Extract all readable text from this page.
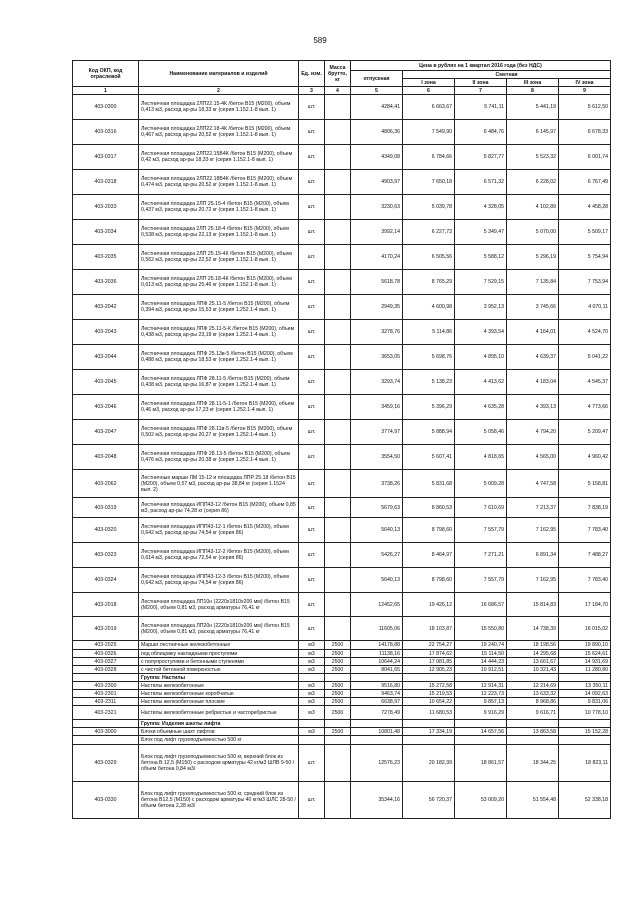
589
Код ОКП, код отраслевой	Наименование материалов и изделий	Ед. изм.	Масса брутто, кг	Цена в рублях на 1 квартал 2016 года (без НДС)				
				отпускная	Сметная			
					I зона	II зона	III зона	IV зона
1	2	3	4	5	6	7	8	9
403-0300	Лестничная площадка 2ЛП22.15-4К /бетон В15 (М200), объем 0,413 м3, расход ар-ры 18,33 кг (серия 1.152.1-8 вып. 1)	шт.		4284,41	6 663,67	5 741,11	5 441,19	5 612,50
403-0316	Лестничная площадка 2ЛП22.18-4К /бетон В15 (М200), объем 0,467 м3, расход ар-ры 20,52 кг (серия 1.152.1-8 вып. 1)	шт.		4806,36	7 549,90	6 484,76	6 145,97	6 678,33
403-0317	Лестничная площадка 2ЛП22.15В4К /бетон В15 (М200), объем 0,42 м3, расход ар-ры 18,33 кг (серия 1.152.1-8 вып. 1)	шт.		4349,08	6 784,66	5 827,77	5 523,32	6 001,74
403-0318	Лестничная площадка 2ЛП22.18В4К /бетон В15 (М200), объем 0,474 м3, расход ар-ры 20,52 кг (серия 1.152.1-8 вып. 1)	шт.		4903,97	7 650,18	6 571,32	6 228,02	6 767,49
403-2033	Лестничная площадка 2ЛП 25.15-4 /бетон В15 (М200), объем 0,437 м3, расход ар-ры 20,72 кг (серия 1.152.1-8 вып. 1)	шт.		3230,63	5 039,78	4 328,05	4 102,89	4 458,28
403-2034	Лестничная площадка 2ЛП 25.18-4 /бетон В15 (М200), объем 0,538 м3, расход ар-ры 22,13 кг (серия 1.152.1-8 вып. 1)	шт.		3992,14	6 227,73	5 349,47	5 070,00	5 509,17
403-2035	Лестничная площадка 2ЛП 25.15-4К /бетон В15 (М200), объем 0,562 м3, расход ар-ры 22,52 кг (серия 1.152.1-8 вып. 1)	шт.		4170,24	6 505,56	5 588,12	5 296,19	5 754,94
403-2036	Лестничная площадка 2ЛП 25.18-4К /бетон В15 (М200), объем 0,613 м3, расход ар-ры 25,46 кг (серия 1.152.1-8 вып. 1)	шт.		5618,78	8 765,29	7 529,15	7 135,84	7 753,94
403-2042	Лестничная площадка ЛПФ 25.11-5 /бетон В15 (М200), объем 0,394 м3, расход ар-ры 15,53 кг (серия 1.252.1-4 вып. 1)	шт.		2949,35	4 600,98	3 952,13	3 745,66	4 070,11
403-2043	Лестничная площадка ЛПФ 25.11-5-К /бетон В15 (М200), объем 0,438 м3, расход ар-ры 23,19 кг (серия 1.252.1-4 вып. 1)	шт.		3278,76	5 114,86	4 393,54	4 164,01	4 524,70
403-2044	Лестничная площадка ЛПФ 25.13в-5 /бетон В15 (М200), объем 0,488 м3, расход ар-ры 18,53 кг (серия 1.252.1-4 вып. 1)	шт.		3653,05	5 698,76	4 895,10	4 639,37	5 041,22
403-2045	Лестничная площадка ЛПФ 28.11-5 /бетон В15 (М200), объем 0,438 м3, расход ар-ры 16,87 кг (серия 1.252.1-4 вып. 1)	шт.		3293,74	5 138,23	4 413,62	4 183,04	4 545,37
403-2046	Лестничная площадка ЛПФ 28.11-5-1 /бетон В15 (М200), объем 0,46 м3, расход ар-ры 17,23 кг (серия 1.252.1-4 вып. 1)	шт.		3459,16	5 396,29	4 635,28	4 393,13	4 773,66
403-2047	Лестничная площадка ЛПФ 28.11в-5 /бетон В15 (М200), объем 0,502 м3, расход ар-ры 20,27 кг (серия 1.252.1-4 вып. 1)	шт.		3774,97	5 888,94	5 058,46	4 794,20	5 209,47
403-2048	Лестничная площадка ЛПФ 28.13-5 /бетон В15 (М200), объем 0,476 м3, расход ар-ры 20,38 кг (серия 1.252.1-4 вып. 1)	шт.		3554,50	5 607,41	4 818,65	4 565,00	4 960,42
403-2062	Лестничные марши ЛМ 15-12 и площадка ЛПР 25.18 /бетон В15 (М200), объем 0,57 м3, расход ар-ры 38,84 кг (серия 1.1524 вып. 2)	шт.		3738,26	5 831,68	5 009,28	4 747,58	5 158,81
403-0319	Лестничная площадка ИПП43-12 /бетон В15 (М200), объем 0,85 м3, расход ар-ры 74,28 кг (серия 86)	шт.		5679,63	8 860,53	7 610,69	7 213,37	7 838,19
403-0320	Лестничная площадка ИПП43-12-1 /бетон В15 (М200), объем 0,642 м3, расход ар-ры 74,54 кг (серия 86)	шт.		5640,13	8 798,60	7 557,79	7 162,95	7 783,40
403-0323	Лестничная площадка ИПП43-12-2 /бетон В15 (М200), объем 0,614 м3, расход ар-ры 72,54 кг (серия 86)	шт.		5426,27	8 464,97	7 271,21	6 891,34	7 488,27
403-0324	Лестничная площадка ИПП43-12-3 /бетон В15 (М200), объем 0,642 м3, расход ар-ры 74,54 кг (серия 86)	шт.		5640,13	8 798,60	7 557,79	7 162,95	7 783,40
403-2018	Лестничная площадка ЛП10н (2220x1810x200 мм) /бетон В15 (М200), объем 0,81 м3, расход арматуры 76,41 кг	шт.		12452,65	19 426,12	16 686,57	15 814,83	17 184,70
403-2019	Лестничная площадка ЛП20н (2220x1810x200 мм) /бетон В15 (М200), объем 0,81 м3, расход арматуры 76,41 кг	шт.		11605,06	18 103,87	15 550,80	14 738,39	16 015,02
403-2025	Марши лестничные железобетонные	м3	2500	14178,88	22 754,27	19 240,74	18 198,56	19 890,10
403-0326	под облицовку накладными проступями	м3	2500	11138,16	17 874,62	15 114,50	14 295,68	15 624,61
403-0327	с полупроступями и бетонными ступенями	м3	2500	10644,24	17 081,85	14 444,23	13 661,67	14 931,69
403-0328	с чистой бетонной поверхностью	м3	2500	8041,65	12 905,23	10 912,51	10 321,43	11 280,80
	Группа: Настилы							
403-2300	Настилы железобетонные	м3	2500	9516,80	15 272,58	12 914,31	12 214,69	13 350,11
403-2301	Настилы железобетонные коробчатые	м3	2500	9463,74	15 219,53	12 223,73	13 633,32	14 092,63
403-2311	Настилы железобетонные плоские	м3	2500	6638,97	10 654,22	9 857,13	8 968,86	9 831,06
403-2321	Настилы железобетонные ребристые и часторебристые	м3	2500	7278,49	11 680,53	9 916,29	9 616,71	10 778,10
	Группа: Изделия шахты лифта							
403-3000	Блоки объемные шахт лифтов	м3	2500	10801,48	17 334,19	14 657,56	13 863,58	15 152,28
	Блок под лифт грузоподъемностью 500 кг							
403-0329	Блок под лифт грузоподъемностью 500 кг, верхний блок из бетона В 12,5 (М150) с расходом арматуры 42 кг/м3 ШЛВ 9-50 /объем бетона 0,84 м3/	шт.		12576,23	20 182,39	18 861,57	18 344,25	18 823,11
403-0330	Блок под лифт грузоподъемностью 500 кг, средний блок из бетона В12,5 (М150) с расходом арматуры 40 кг/м3 ШЛС 28-50 /объем бетона 2,28 м3/	шт.		35344,16	56 720,37	53 009,20	51 554,48	52 338,18
